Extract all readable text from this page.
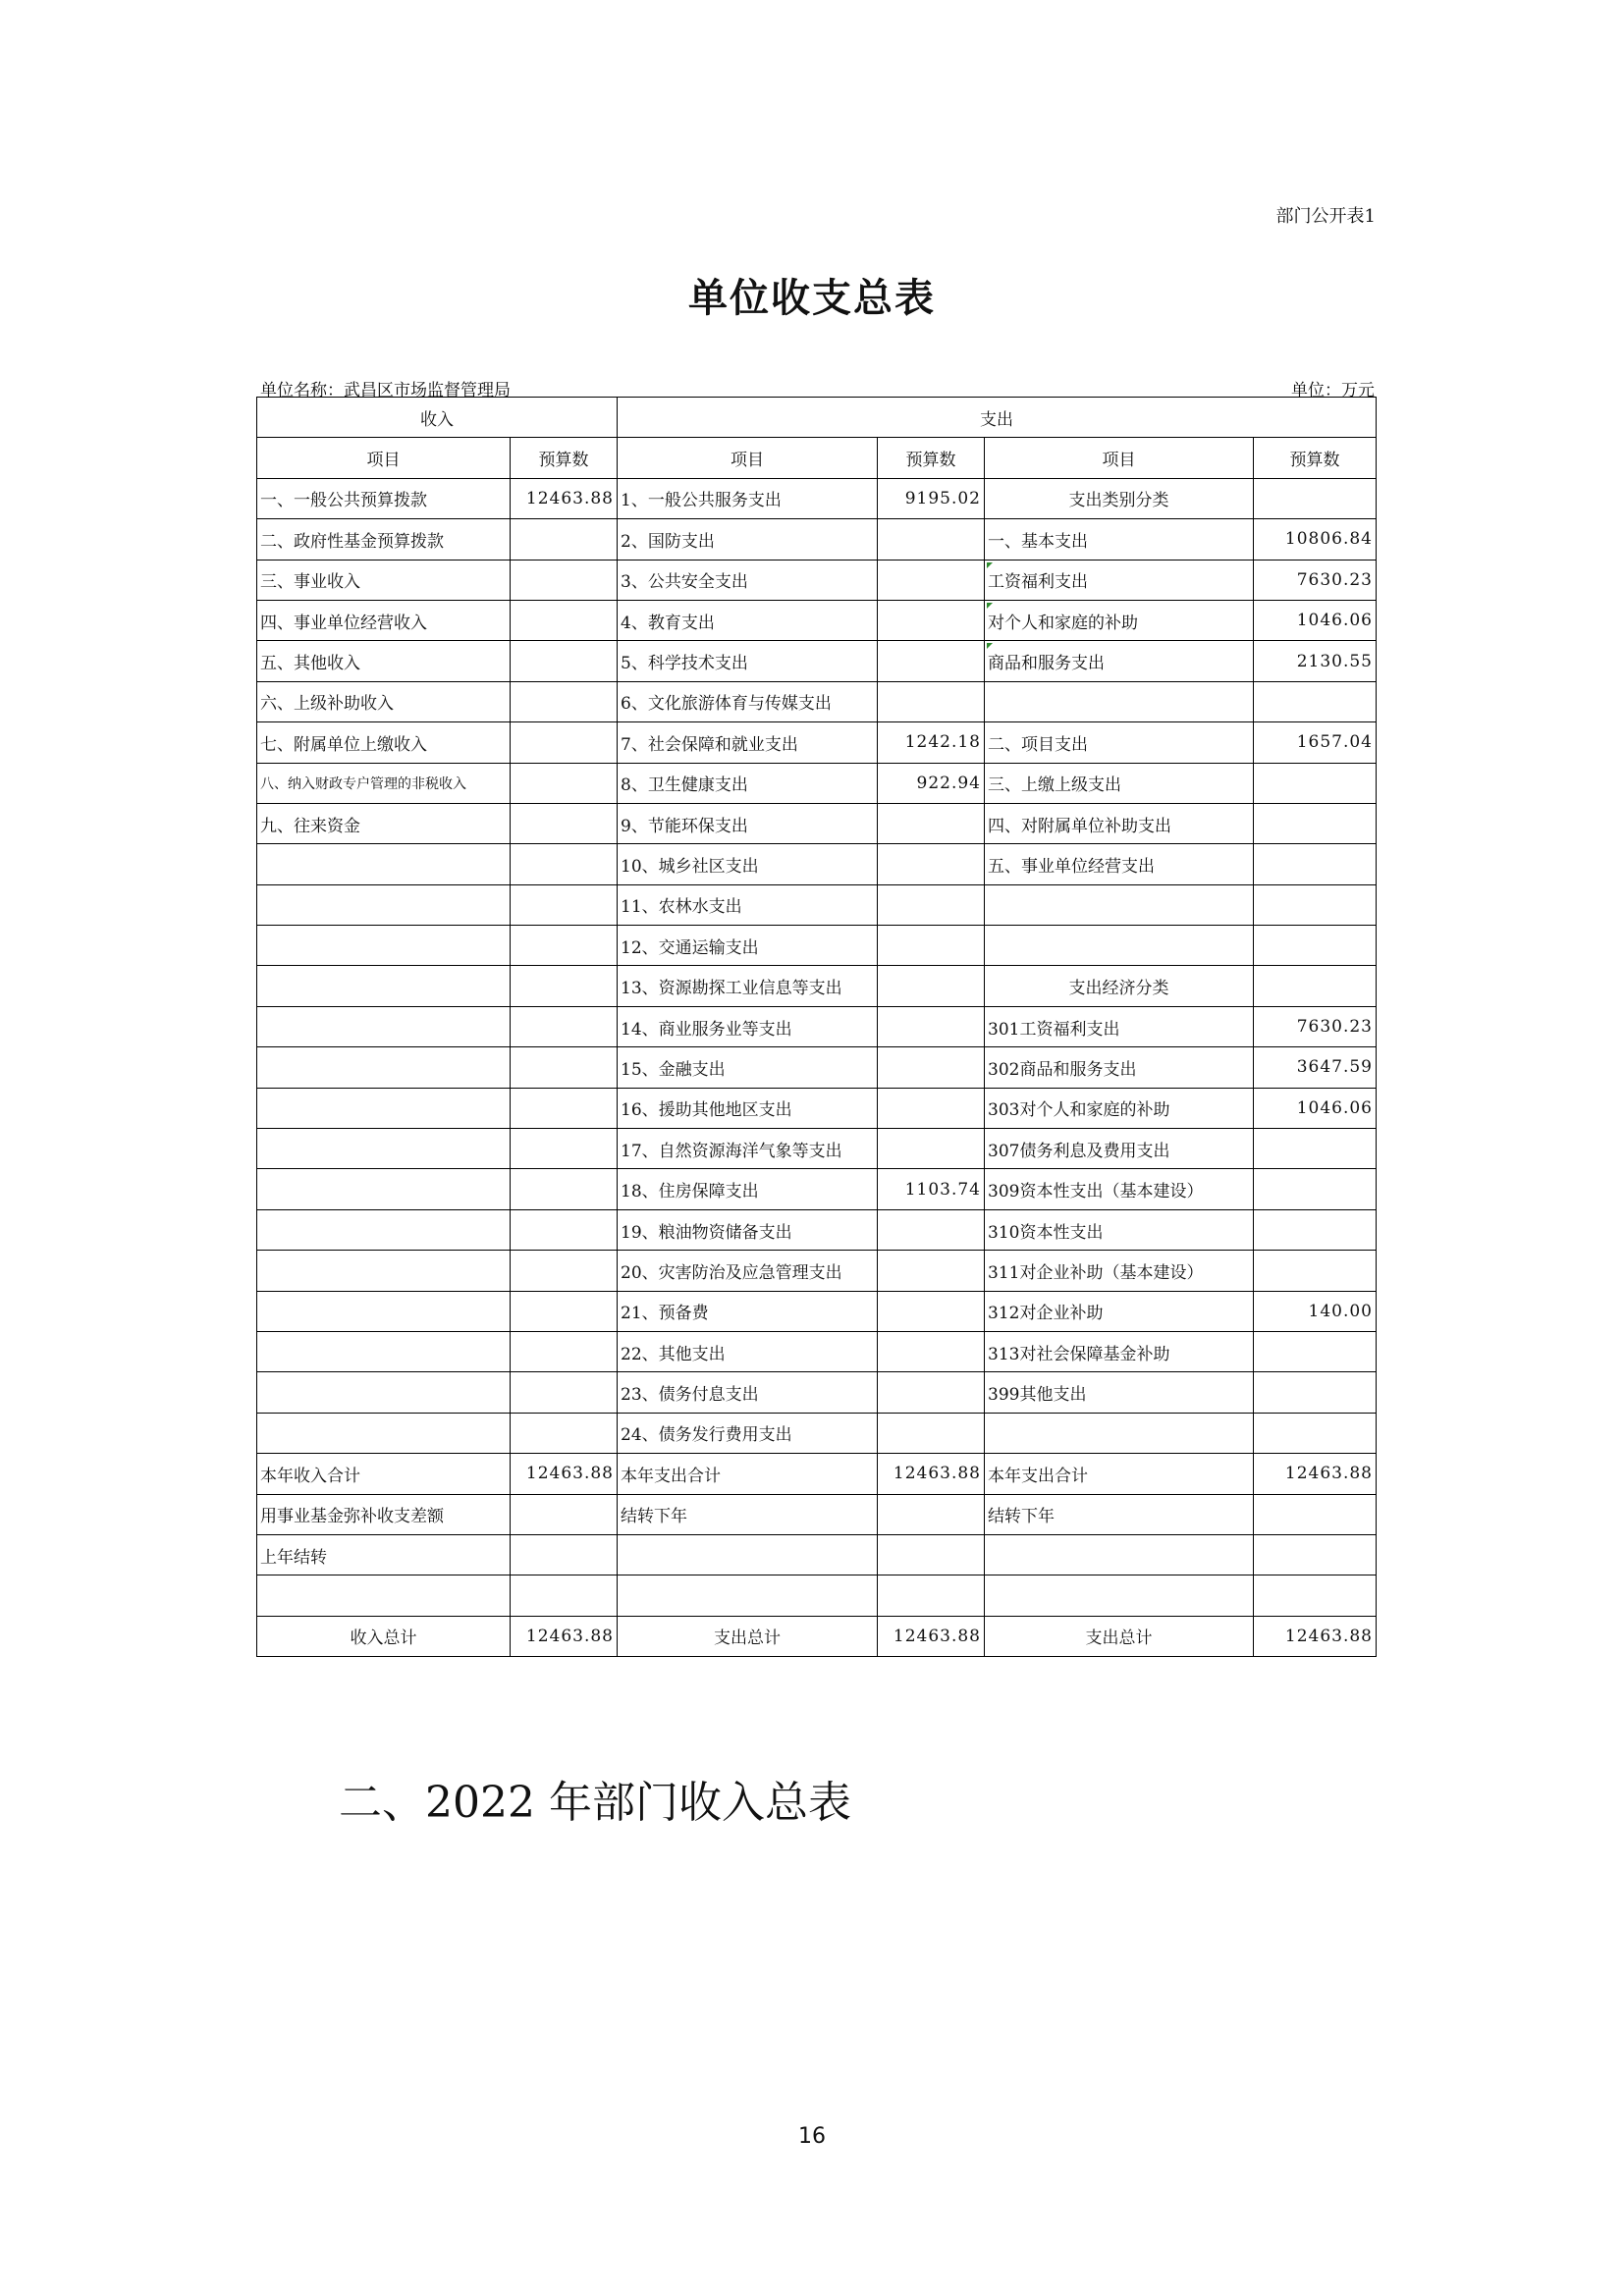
部门公开表1
单位收支总表
单位名称：武昌区市场监督管理局	单位：万元
收入		支出			
项目	预算数	项目	预算数	项目	预算数
一、一般公共预算拨款	12463.88	1、一般公共服务支出	9195.02	支出类别分类	
二、政府性基金预算拨款		2、国防支出		一、基本支出	10806.84
三、事业收入		3、公共安全支出		工资福利支出	7630.23
四、事业单位经营收入		4、教育支出		对个人和家庭的补助	1046.06
五、其他收入		5、科学技术支出		商品和服务支出	2130.55
六、上级补助收入		6、文化旅游体育与传媒支出			
七、附属单位上缴收入		7、社会保障和就业支出	1242.18	二、项目支出	1657.04
八、纳入财政专户管理的非税收入		8、卫生健康支出	922.94	三、上缴上级支出	
九、往来资金		9、节能环保支出		四、对附属单位补助支出	
		10、城乡社区支出		五、事业单位经营支出	
		11、农林水支出			
		12、交通运输支出			
		13、资源勘探工业信息等支出		支出经济分类	
		14、商业服务业等支出		301工资福利支出	7630.23
		15、金融支出		302商品和服务支出	3647.59
		16、援助其他地区支出		303对个人和家庭的补助	1046.06
		17、自然资源海洋气象等支出		307债务利息及费用支出	
		18、住房保障支出	1103.74	309资本性支出（基本建设）	
		19、粮油物资储备支出		310资本性支出	
		20、灾害防治及应急管理支出		311对企业补助（基本建设）	
		21、预备费		312对企业补助	140.00
		22、其他支出		313对社会保障基金补助	
		23、债务付息支出		399其他支出	
		24、债务发行费用支出			
本年收入合计	12463.88	本年支出合计	12463.88	本年支出合计	12463.88
用事业基金弥补收支差额		结转下年		结转下年	
上年结转					

收入总计	12463.88	支出总计	12463.88	支出总计	12463.88
二、2022 年部门收入总表
16
